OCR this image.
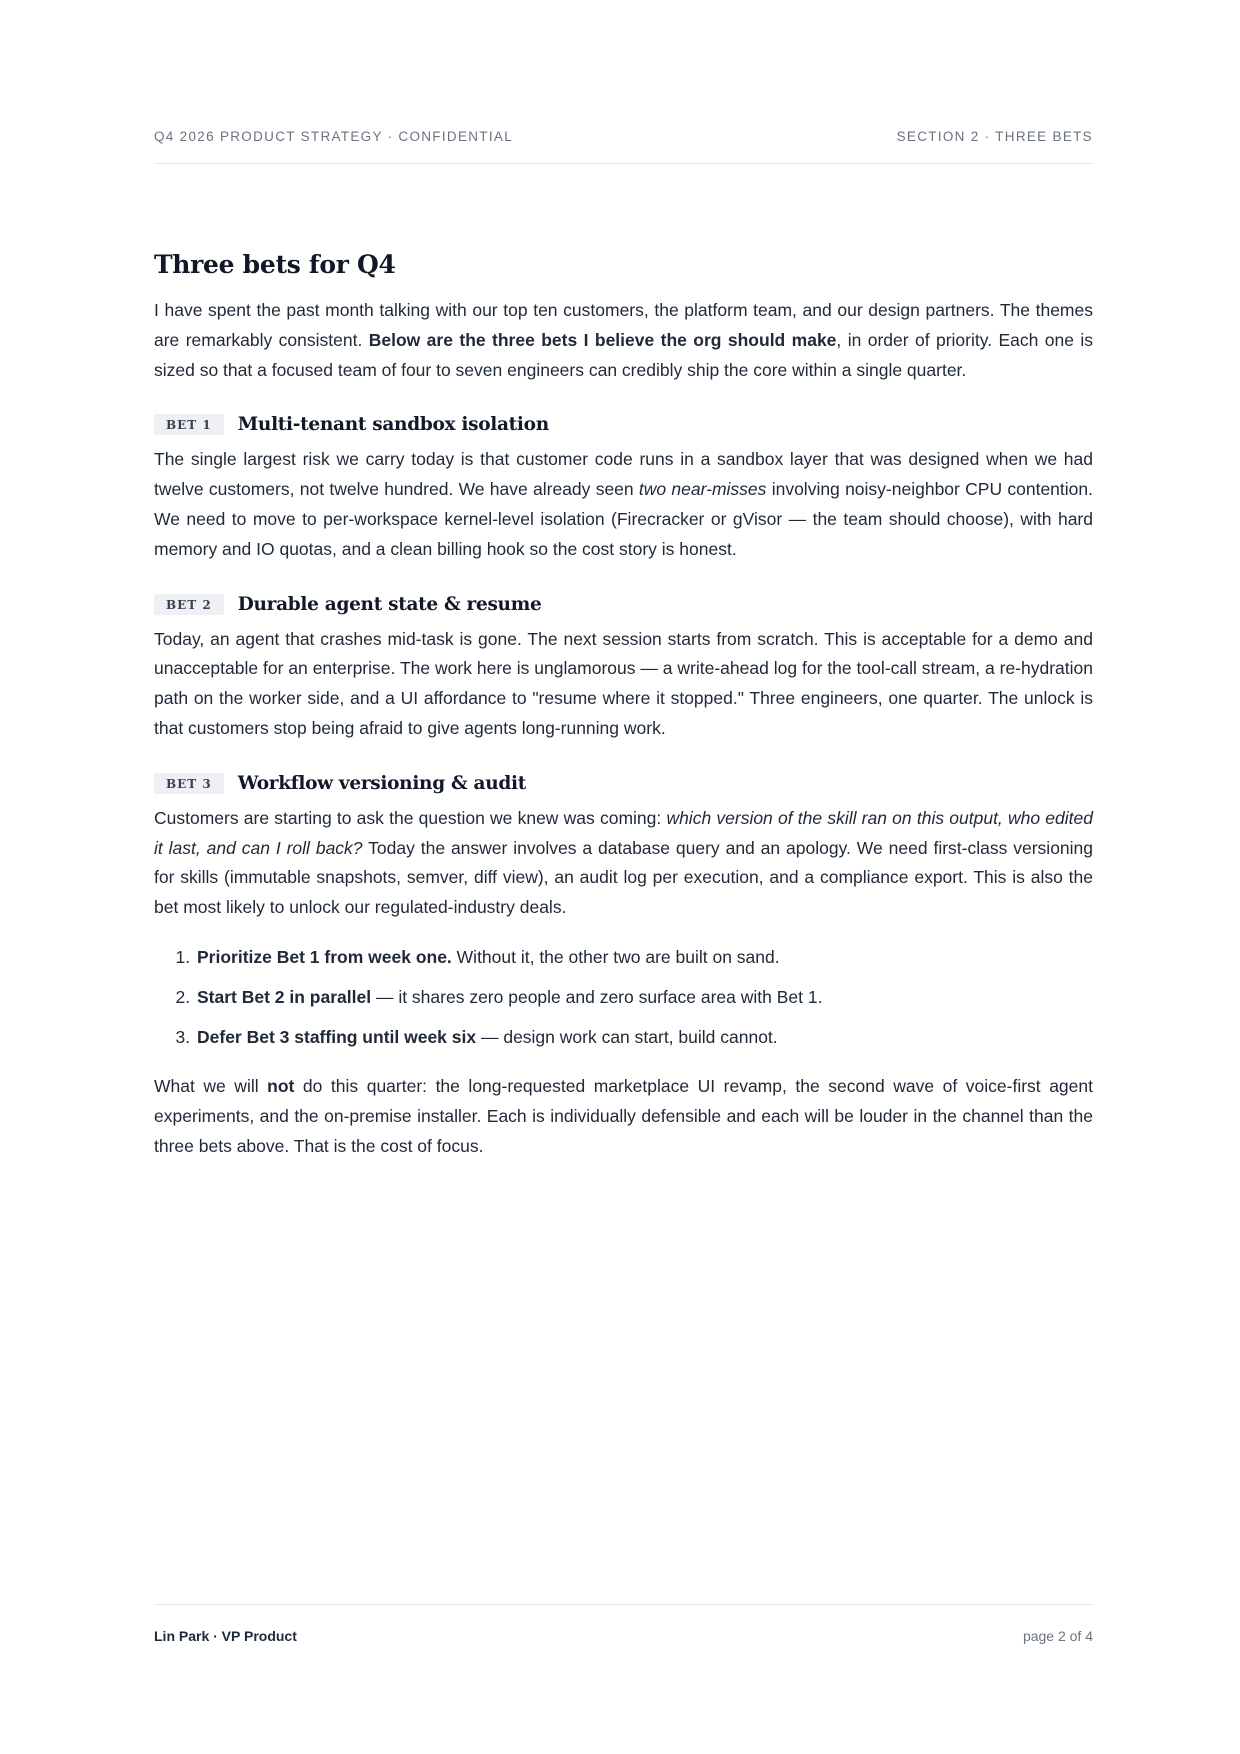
Q4 2026 PRODUCT STRATEGY · CONFIDENTIAL	SECTION 2 · THREE BETS
Three bets for Q4

I have spent the past month talking with our top ten customers, the platform team, and our design partners. The themes are remarkably consistent. Below are the three bets I believe the org should make, in order of priority. Each one is sized so that a focused team of four to seven engineers can credibly ship the core within a single quarter.

BET 1	Multi-tenant sandbox isolation

The single largest risk we carry today is that customer code runs in a sandbox layer that was designed when we had twelve customers, not twelve hundred. We have already seen two near-misses involving noisy-neighbor CPU contention. We need to move to per-workspace kernel-level isolation (Firecracker or gVisor — the team should choose), with hard memory and IO quotas, and a clean billing hook so the cost story is honest.

BET 2	Durable agent state & resume

Today, an agent that crashes mid-task is gone. The next session starts from scratch. This is acceptable for a demo and unacceptable for an enterprise. The work here is unglamorous — a write-ahead log for the tool-call stream, a re-hydration path on the worker side, and a UI affordance to "resume where it stopped." Three engineers, one quarter. The unlock is that customers stop being afraid to give agents long-running work.

BET 3	Workflow versioning & audit

Customers are starting to ask the question we knew was coming: which version of the skill ran on this output, who edited it last, and can I roll back? Today the answer involves a database query and an apology. We need first-class versioning for skills (immutable snapshots, semver, diff view), an audit log per execution, and a compliance export. This is also the bet most likely to unlock our regulated-industry deals.

1. Prioritize Bet 1 from week one. Without it, the other two are built on sand.
2. Start Bet 2 in parallel — it shares zero people and zero surface area with Bet 1.
3. Defer Bet 3 staffing until week six — design work can start, build cannot.

What we will not do this quarter: the long-requested marketplace UI revamp, the second wave of voice-first agent experiments, and the on-premise installer. Each is individually defensible and each will be louder in the channel than the three bets above. That is the cost of focus.

Lin Park · VP Product	page 2 of 4
